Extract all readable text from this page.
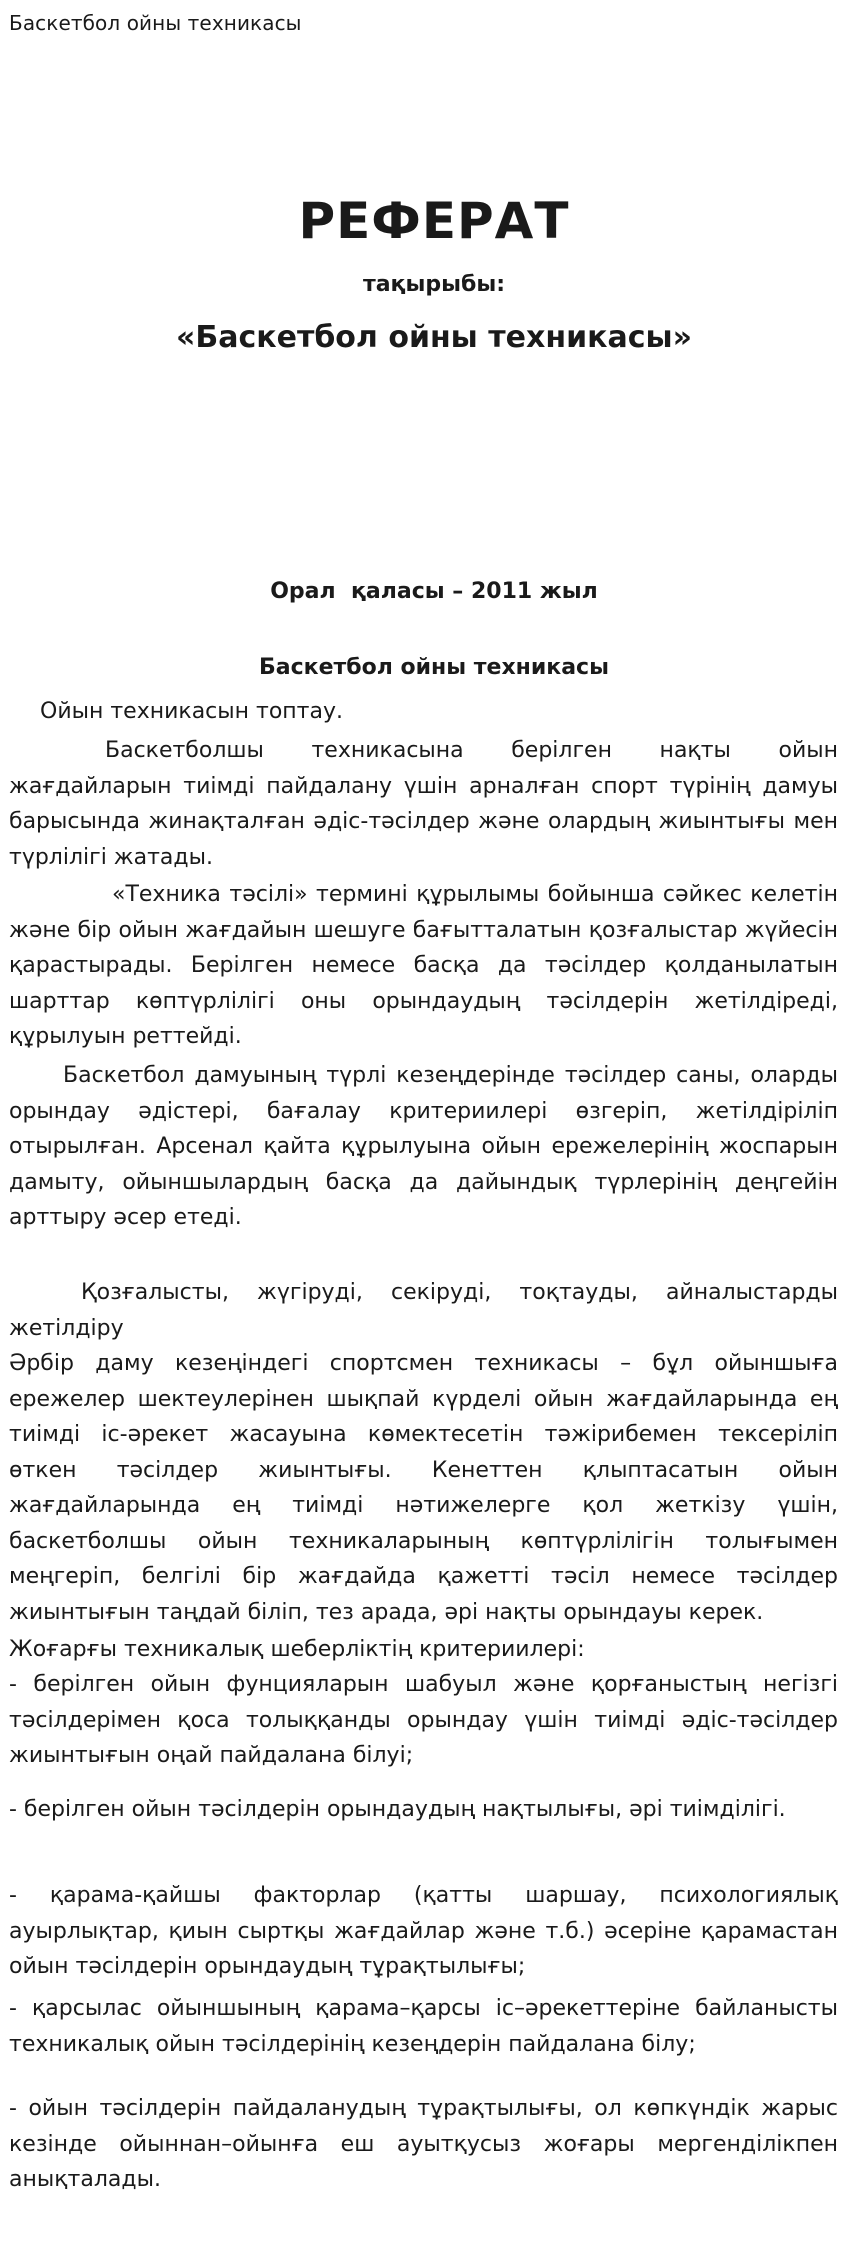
Баскетбол ойны техникасы
РЕФЕРАТ
тақырыбы:
«Баскетбол ойны техникасы»
Орал  қаласы – 2011 жыл
Баскетбол ойны техникасы
Ойын техникасын топтау.

Баскетболшы техникасына берілген нақты ойын жағдайларын тиімді пайдалану үшін арналған спорт түрінің дамуы барысында жинақталған әдіс-тәсілдер және олардың жиынтығы мен түрлілігі жатады.

«Техника тәсілі» термині құрылымы бойынша сәйкес келетін және бір ойын жағдайын шешуге бағытталатын қозғалыстар жүйесін қарастырады. Берілген немесе басқа да тәсілдер қолданылатын шарттар көптүрлілігі оны орындаудың тәсілдерін жетілдіреді, құрылуын реттейді.

Баскетбол дамуының түрлі кезеңдерінде тәсілдер саны, оларды орындау әдістері, бағалау критериилері өзгеріп, жетілдіріліп отырылған. Арсенал қайта құрылуына ойын ережелерінің жоспарын дамыту, ойыншылардың басқа да дайындық түрлерінің деңгейін арттыру әсер етеді.

Қозғалысты, жүгіруді, секіруді, тоқтауды, айналыстарды жетілдіру

Әрбір даму кезеңіндегі спортсмен техникасы – бұл ойыншыға ережелер шектеулерінен шықпай күрделі ойын жағдайларында ең тиімді іс-әрекет жасауына көмектесетін тәжірибемен тексеріліп өткен тәсілдер жиынтығы. Кенеттен қлыптасатын ойын жағдайларында ең тиімді нәтижелерге қол жеткізу үшін, баскетболшы ойын техникаларының көптүрлілігін толығымен меңгеріп, белгілі бір жағдайда қажетті тәсіл немесе тәсілдер жиынтығын таңдай біліп, тез арада, әрі нақты орындауы керек.

Жоғарғы техникалық шеберліктің критериилері:

- берілген ойын фунцияларын шабуыл және қорғаныстың негізгі тәсілдерімен қоса толыққанды орындау үшін тиімді әдіс-тәсілдер жиынтығын оңай пайдалана білуі;

- берілген ойын тәсілдерін орындаудың нақтылығы, әрі тиімділігі.

- қарама-қайшы факторлар (қатты шаршау, психологиялық ауырлықтар, қиын сыртқы жағдайлар және т.б.) әсеріне қарамастан ойын тәсілдерін орындаудың тұрақтылығы;

- қарсылас ойыншының қарама–қарсы іс–әрекеттеріне байланысты техникалық ойын тәсілдерінің кезеңдерін пайдалана білу;

- ойын тәсілдерін пайдаланудың тұрақтылығы, ол көпкүндік жарыс кезінде ойыннан–ойынға еш ауытқусыз жоғары мергенділікпен анықталады.
